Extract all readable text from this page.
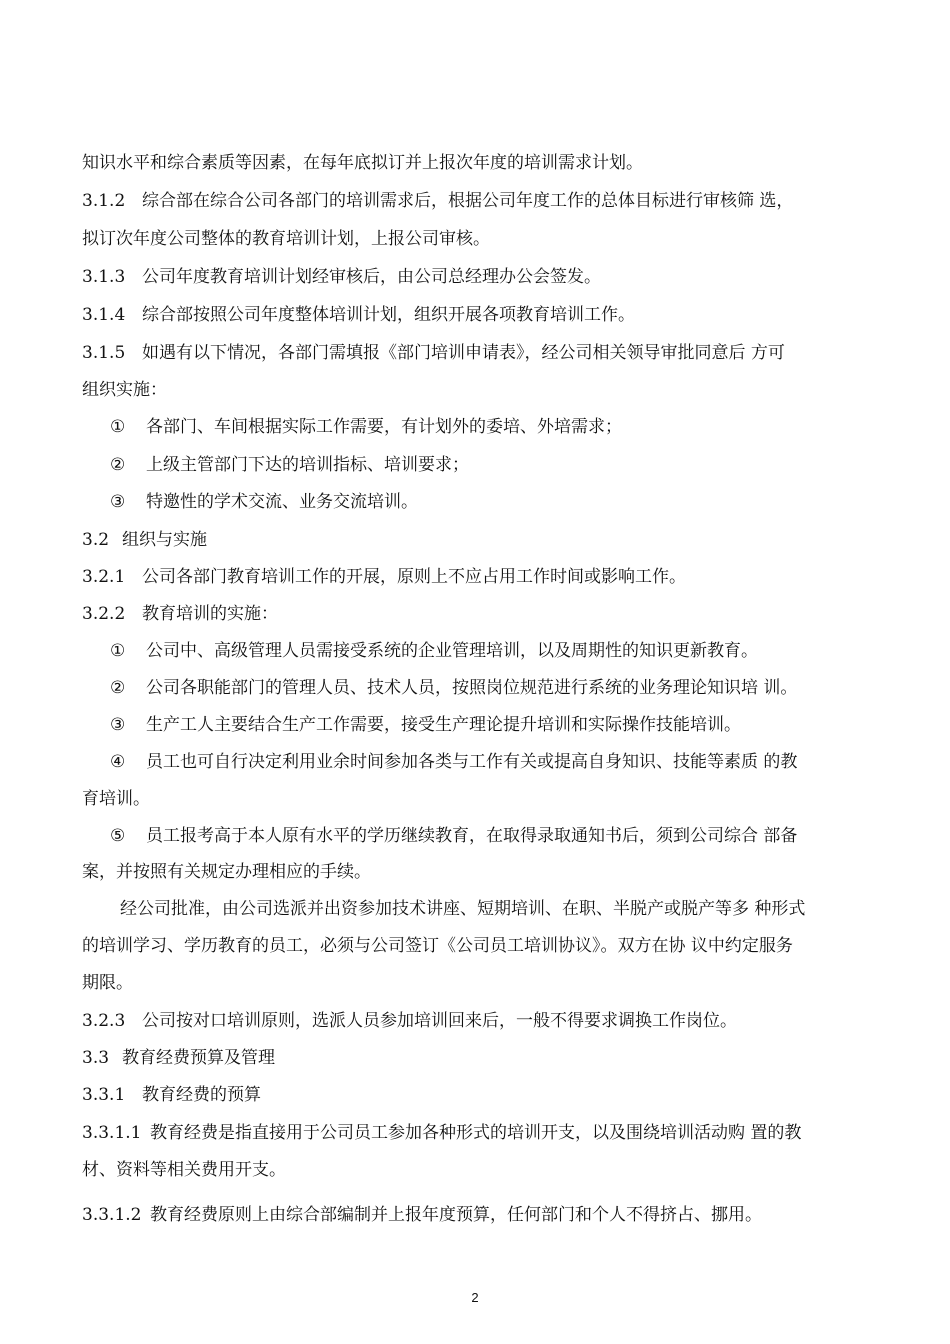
知识水平和综合素质等因素，在每年底拟订并上报次年度的培训需求计划。
3.1.2 综合部在综合公司各部门的培训需求后，根据公司年度工作的总体目标进行审核筛 选，
拟订次年度公司整体的教育培训计划，上报公司审核。
3.1.3 公司年度教育培训计划经审核后，由公司总经理办公会签发。
3.1.4 综合部按照公司年度整体培训计划，组织开展各项教育培训工作。
3.1.5 如遇有以下情况，各部门需填报《部门培训申请表》，经公司相关领导审批同意后 方可
组织实施：
① 各部门、车间根据实际工作需要，有计划外的委培、外培需求；
② 上级主管部门下达的培训指标、培训要求；
③ 特邀性的学术交流、业务交流培训。
3.2 组织与实施
3.2.1 公司各部门教育培训工作的开展，原则上不应占用工作时间或影响工作。
3.2.2 教育培训的实施：
① 公司中、高级管理人员需接受系统的企业管理培训，以及周期性的知识更新教育。
② 公司各职能部门的管理人员、技术人员，按照岗位规范进行系统的业务理论知识培 训。
③ 生产工人主要结合生产工作需要，接受生产理论提升培训和实际操作技能培训。
④ 员工也可自行决定利用业余时间参加各类与工作有关或提高自身知识、技能等素质 的教
育培训。
⑤ 员工报考高于本人原有水平的学历继续教育，在取得录取通知书后，须到公司综合 部备
案，并按照有关规定办理相应的手续。
经公司批准，由公司选派并出资参加技术讲座、短期培训、在职、半脱产或脱产等多 种形式
的培训学习、学历教育的员工，必须与公司签订《公司员工培训协议》。双方在协 议中约定服务
期限。
3.2.3 公司按对口培训原则，选派人员参加培训回来后，一般不得要求调换工作岗位。
3.3 教育经费预算及管理
3.3.1 教育经费的预算
3.3.1.1 教育经费是指直接用于公司员工参加各种形式的培训开支，以及围绕培训活动购 置的教
材、资料等相关费用开支。
3.3.1.2 教育经费原则上由综合部编制并上报年度预算，任何部门和个人不得挤占、挪用。
2
